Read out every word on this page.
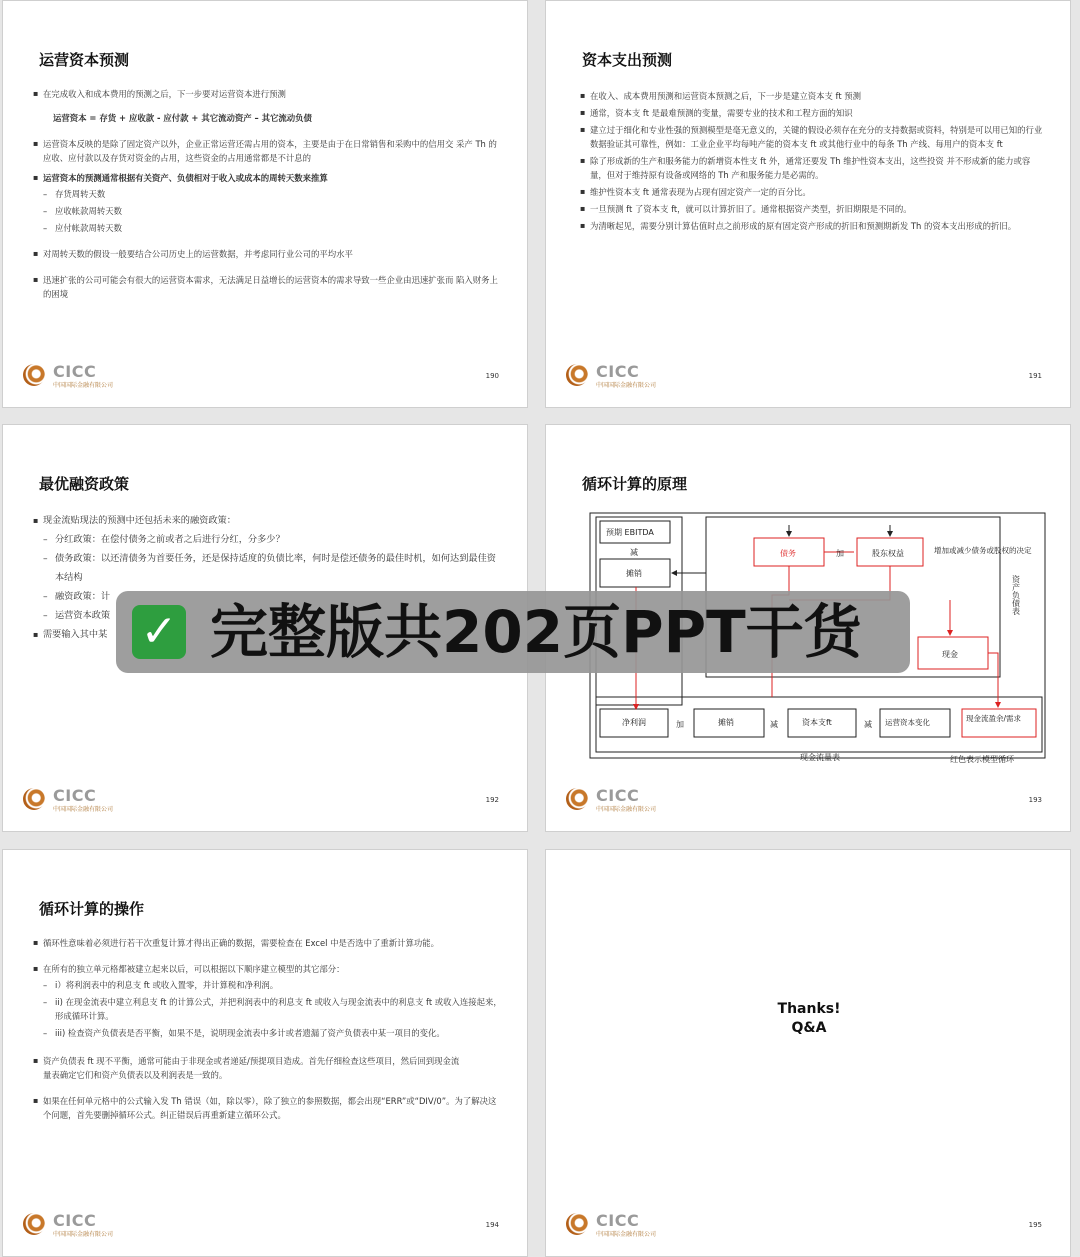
运营资本预测
▪ 在完成收入和成本费用的预测之后，下一步要对运营资本进行预测
运营资本 = 存货 + 应收款 - 应付款 + 其它流动资产 – 其它流动负债
▪ 运营资本反映的是除了固定资产以外，企业正常运营还需占用的资本，主要是由于在日常销售和采购中的信用交 采产 Th 的应收、应付款以及存货对资金的占用，这些资金的占用通常都是不计息的
▪ 运营资本的预测通常根据有关资产、负债相对于收入或成本的周转天数来推算
– 存货周转天数
– 应收帐款周转天数
– 应付帐款周转天数
▪ 对周转天数的假设一般要结合公司历史上的运营数据，并考虑同行业公司的平均水平
▪ 迅速扩张的公司可能会有很大的运营资本需求，无法满足日益增长的运营资本的需求导致一些企业由迅速扩张而 陷入财务上的困境
CICC
中国国际金融有限公司
190
资本支出预测
▪ 在收入、成本费用预测和运营资本预测之后，下一步是建立资本支 ft 预测
▪ 通常，资本支 ft 是最难预测的变量，需要专业的技术和工程方面的知识
▪ 建立过于细化和专业性强的预测模型是毫无意义的，关键的假设必须存在充分的支持数据或资料，特别是可以用已知的行业数据验证其可靠性，例如：工业企业平均每吨产能的资本支 ft 或其他行业中的每条 Th 产线、每用户的资本支 ft
▪ 除了形成新的生产和服务能力的新增资本性支 ft 外，通常还要发 Th 维护性资本支出，这些投资 并不形成新的能力或容量，但对于维持原有设备或网络的 Th 产和服务能力是必需的。
▪ 维护性资本支 ft 通常表现为占现有固定资产一定的百分比。
▪ 一旦预测 ft 了资本支 ft，就可以计算折旧了。通常根据资产类型，折旧期限是不同的。
▪ 为清晰起见，需要分别计算估值时点之前形成的原有固定资产形成的折旧和预测期新发 Th 的资本支出形成的折旧。
CICC
中国国际金融有限公司
191
最优融资政策
▪ 现金流贴现法的预测中还包括未来的融资政策：
– 分红政策：在偿付债务之前或者之后进行分红，分多少？
– 债务政策：以还清债务为首要任务，还是保持适度的负债比率，何时是偿还债务的最佳时机，如何达到最佳资本结构
– 融资政策：计
– 运营资本政策
▪ 需要输入其中某
CICC
中国国际金融有限公司
192
循环计算的原理
预期 EBITDA
减
摊销
债务	加	股东权益	增加或减少债务或股权的决定
资产负债表
现金
净利润	加	摊销	减	资本支ft	减 运营资本变化	现金流盈余/需求
现金流量表	红色表示模型循环
CICC
中国国际金融有限公司
193
循环计算的操作
▪ 循环性意味着必须进行若干次重复计算才得出正确的数据，需要检查在 Excel 中是否选中了重新计算功能。
▪ 在所有的独立单元格都被建立起来以后，可以根据以下顺序建立模型的其它部分：
– i）将利润表中的利息支 ft 或收入置零，并计算税和净利润。
– ii) 在现金流表中建立利息支 ft 的计算公式，并把利润表中的利息支 ft 或收入与现金流表中的利息支 ft 或收入连接起来，形成循环计算。
– iii) 检查资产负债表是否平衡，如果不是，说明现金流表中多计或者遗漏了资产负债表中某一项目的变化。
▪ 资产负债表 ft 现不平衡，通常可能由于非现金或者递延/预提项目造成。首先仔细检查这些项目，然后回到现金流
量表确定它们和资产负债表以及利润表是一致的。
▪ 如果在任何单元格中的公式输入发 Th 错误（如，除以零），除了独立的参照数据，都会出现“ERR”或“DIV/0”。为了解决这个问题，首先要删掉循环公式。纠正错误后再重新建立循环公式。
CICC
中国国际金融有限公司
194
Thanks!
Q&A
CICC
中国国际金融有限公司
195
✓ 完整版共202页PPT干货
